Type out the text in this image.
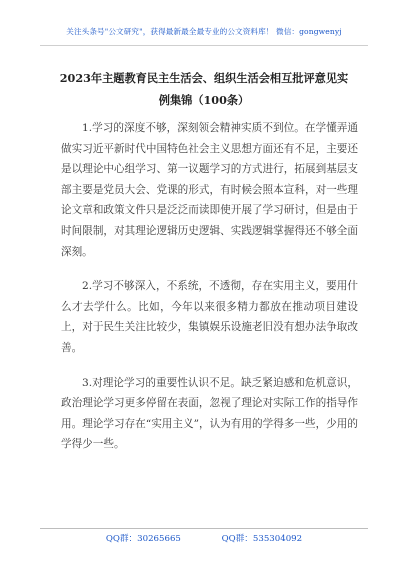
关注头条号"公文研究"，获得最新最全最专业的公文资料库！ 微信：gongwenyj
2023年主题教育民主生活会、组织生活会相互批评意见实
例集锦（100条）

1.学习的深度不够，深刻领会精神实质不到位。在学懂弄通做实习近平新时代中国特色社会主义思想方面还有不足，主要还是以理论中心组学习、第一议题学习的方式进行，拓展到基层支部主要是党员大会、党课的形式，有时候会照本宣科，对一些理论文章和政策文件只是泛泛而读即使开展了学习研讨，但是由于时间限制，对其理论逻辑历史逻辑、实践逻辑掌握得还不够全面深刻。

2.学习不够深入，不系统，不透彻，存在实用主义，要用什么才去学什么。比如，今年以来很多精力都放在推动项目建设上，对于民生关注比较少，集镇娱乐设施老旧没有想办法争取改善。

3.对理论学习的重要性认识不足。缺乏紧迫感和危机意识，政治理论学习更多停留在表面，忽视了理论对实际工作的指导作用。理论学习存在“实用主义”，认为有用的学得多一些，少用的学得少一些。

QQ群：30265665	QQ群：535304092
